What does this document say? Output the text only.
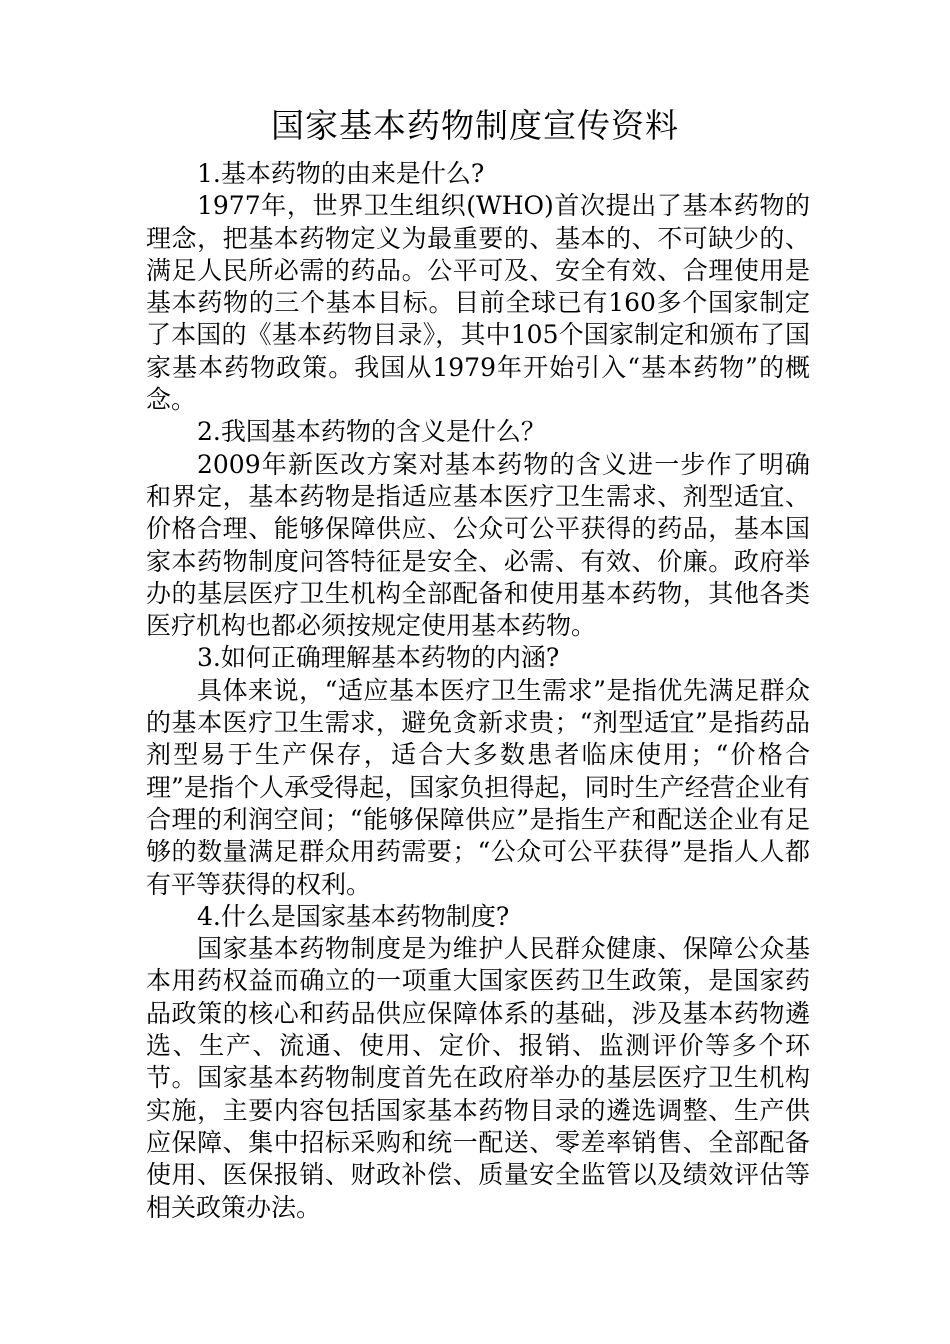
国家基本药物制度宣传资料

1.基本药物的由来是什么?

1977年，世界卫生组织(WHO)首次提出了基本药物的理念，把基本药物定义为最重要的、基本的、不可缺少的、满足人民所必需的药品。公平可及、安全有效、合理使用是基本药物的三个基本目标。目前全球已有160多个国家制定了本国的《基本药物目录》，其中105个国家制定和颁布了国家基本药物政策。我国从1979年开始引入“基本药物”的概念。

2.我国基本药物的含义是什么？

2009年新医改方案对基本药物的含义进一步作了明确和界定，基本药物是指适应基本医疗卫生需求、剂型适宜、价格合理、能够保障供应、公众可公平获得的药品，基本国家本药物制度问答特征是安全、必需、有效、价廉。政府举办的基层医疗卫生机构全部配备和使用基本药物，其他各类医疗机构也都必须按规定使用基本药物。

3.如何正确理解基本药物的内涵?

具体来说，“适应基本医疗卫生需求”是指优先满足群众的基本医疗卫生需求，避免贪新求贵；“剂型适宜”是指药品剂型易于生产保存，适合大多数患者临床使用；“价格合理”是指个人承受得起，国家负担得起，同时生产经营企业有合理的利润空间；“能够保障供应”是指生产和配送企业有足够的数量满足群众用药需要；“公众可公平获得”是指人人都有平等获得的权利。

4.什么是国家基本药物制度?

国家基本药物制度是为维护人民群众健康、保障公众基本用药权益而确立的一项重大国家医药卫生政策，是国家药品政策的核心和药品供应保障体系的基础，涉及基本药物遴选、生产、流通、使用、定价、报销、监测评价等多个环节。国家基本药物制度首先在政府举办的基层医疗卫生机构实施，主要内容包括国家基本药物目录的遴选调整、生产供应保障、集中招标采购和统一配送、零差率销售、全部配备使用、医保报销、财政补偿、质量安全监管以及绩效评估等相关政策办法。
